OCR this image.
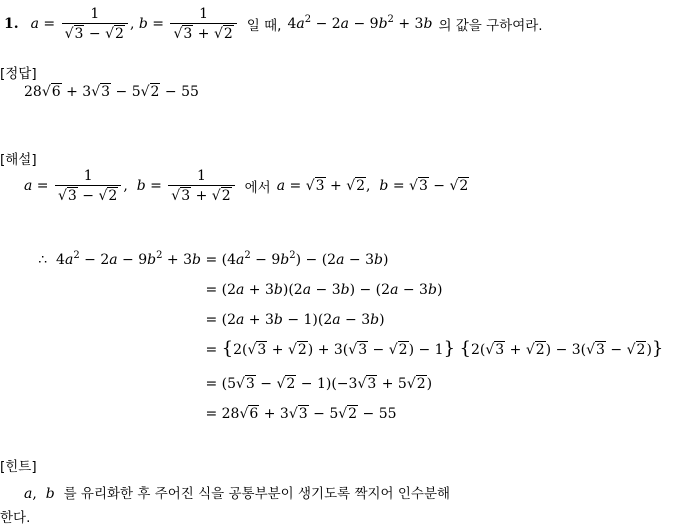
1. $a = \frac{1}{√3 - √2}$ , $b = \frac{1}{√3 + √2}$ 일 때, $4a^2 - 2a - 9b^2 + 3b$ 의 값을 구하여라.
[정답]
28√6 + 3√3 − 5√2 − 55
[해설]
$a = \frac{1}{√3 - √2}$ , $b = \frac{1}{√3 + √2}$ 에서 a = √3 + √2,  b = √3 − √2
∴  $4a^2 - 2a - 9b^2 + 3b = (4a^2 - 9b^2) - (2a - 3b)$
= (2a + 3b)(2a − 3b) − (2a − 3b)
= (2a + 3b − 1)(2a − 3b)
= {2(√3 + √2) + 3(√3 − √2) − 1} {2(√3 + √2) − 3(√3 − √2)}
= (5√3 − √2 − 1)(−3√3 + 5√2)
= 28√6 + 3√3 − 5√2 − 55
[힌트]
a,  b 를 유리화한 후 주어진 식을 공통부분이 생기도록 짝지어 인수분해
한다.
